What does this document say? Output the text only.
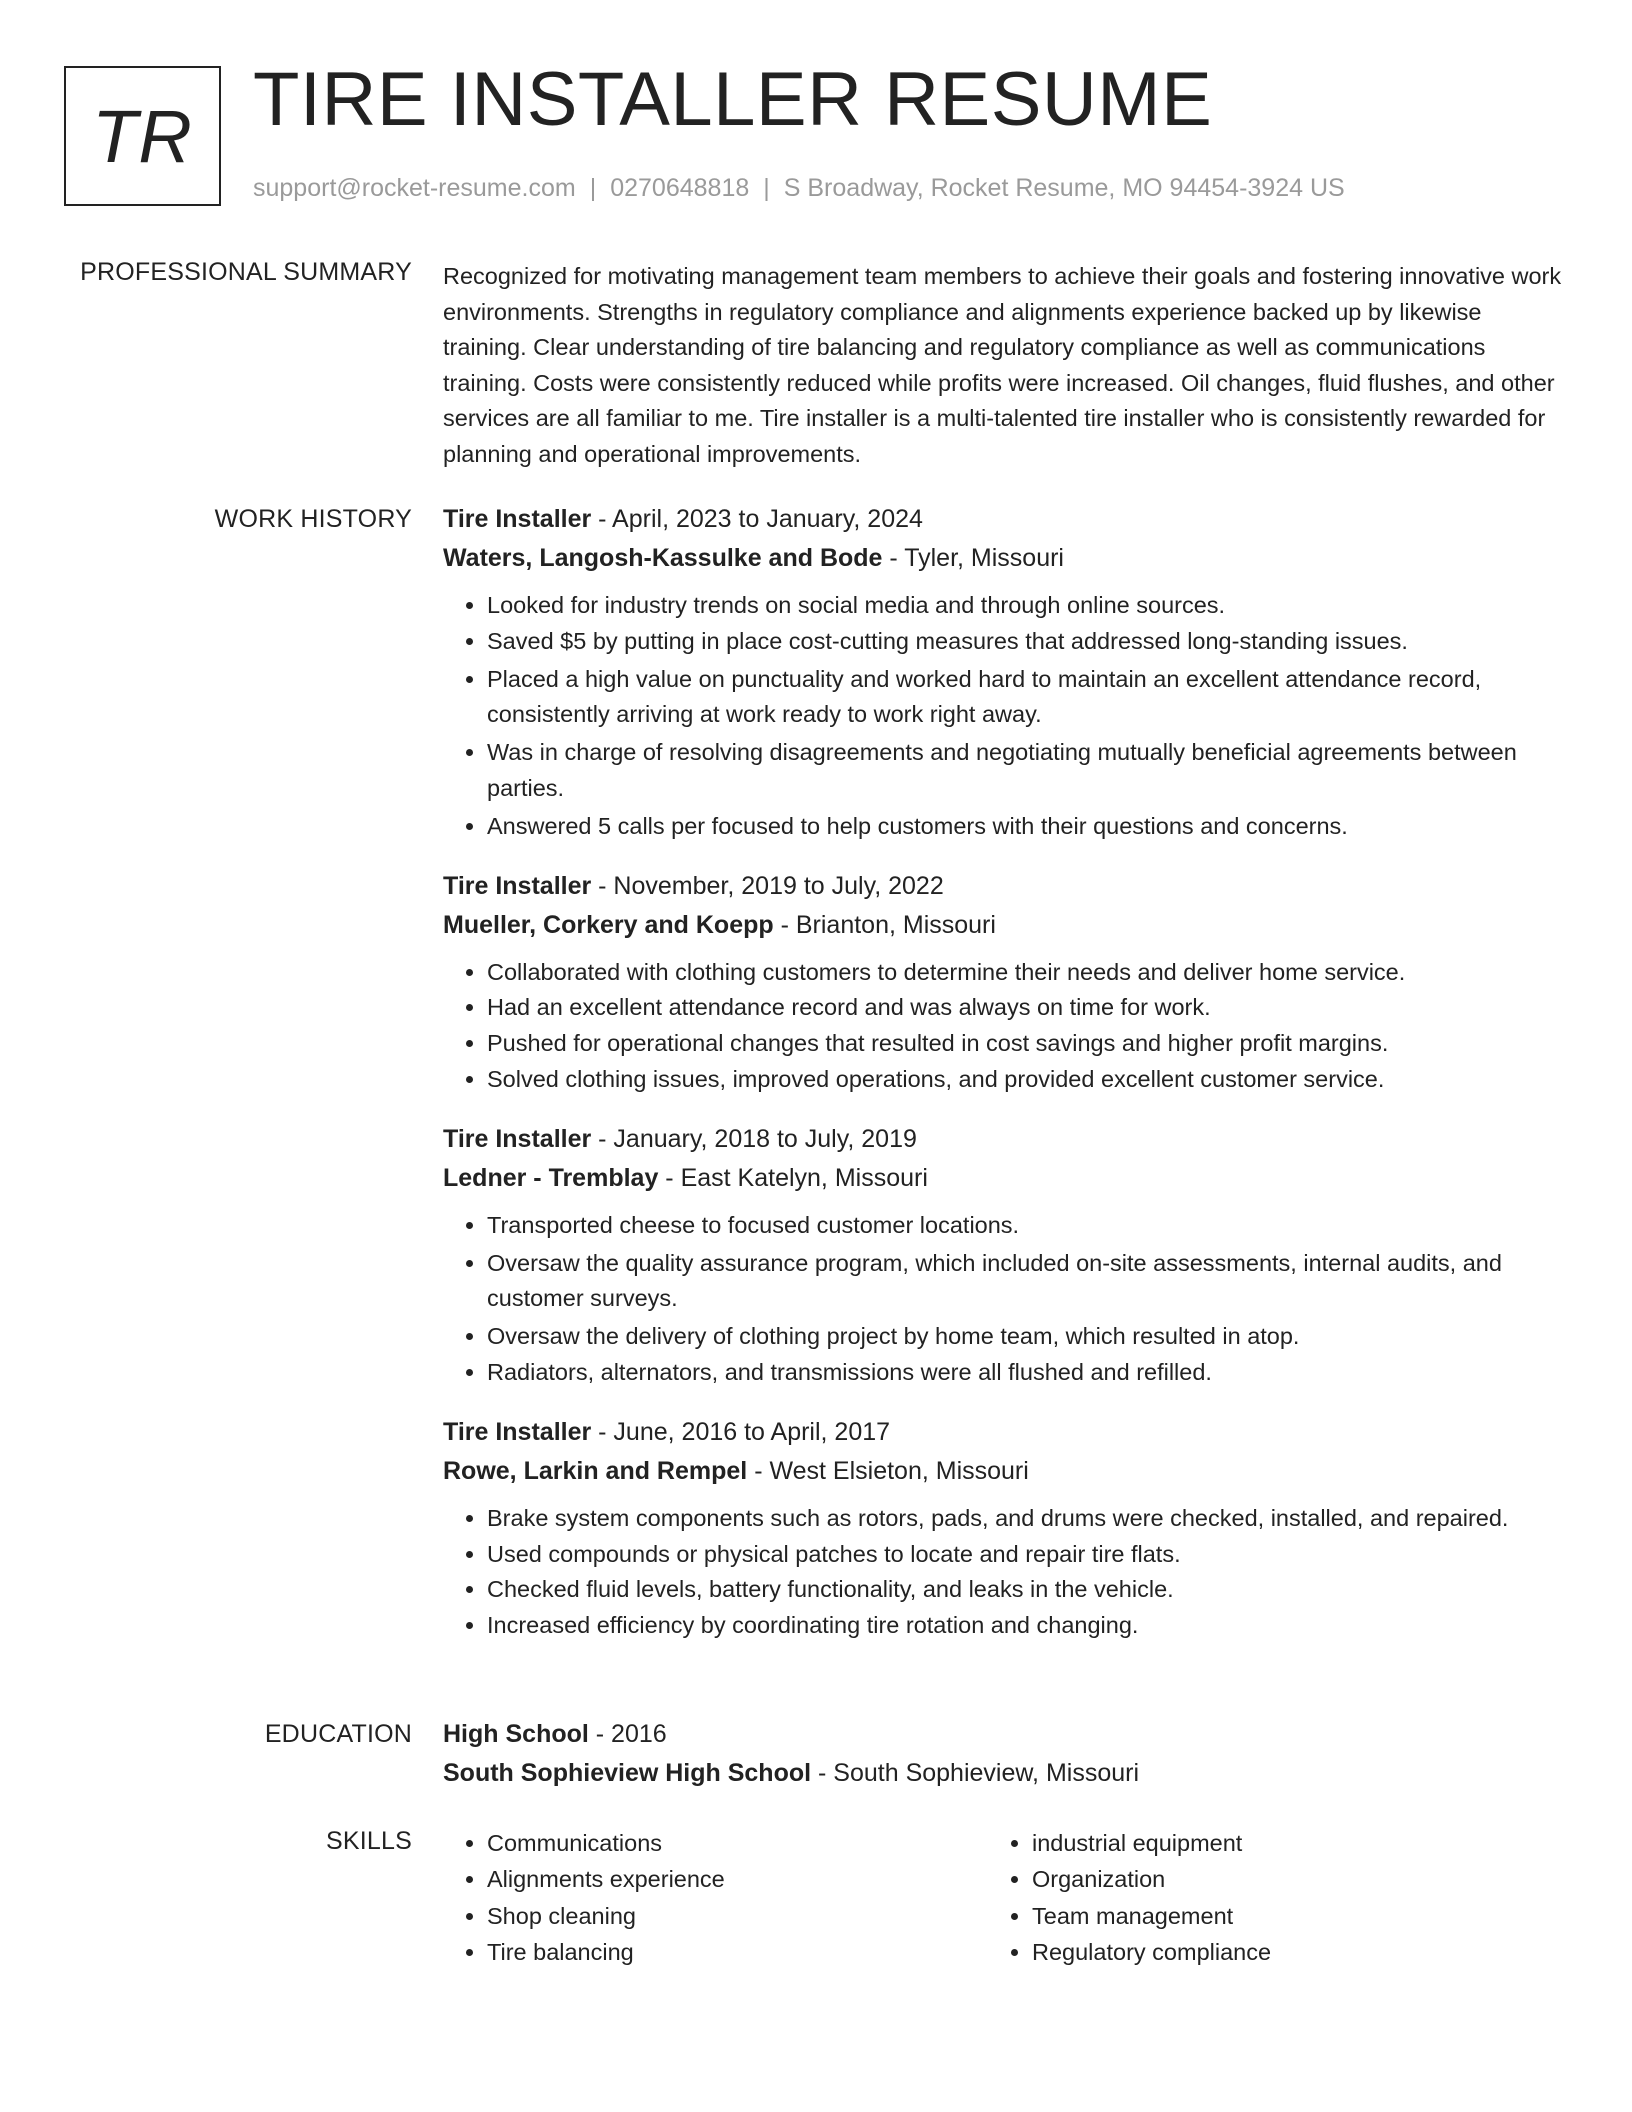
TR TIRE INSTALLER RESUME
support@rocket-resume.com | 0270648818 | S Broadway, Rocket Resume, MO 94454-3924 US
PROFESSIONAL SUMMARY Recognized for motivating management team members to achieve their goals and fostering innovative work environments. Strengths in regulatory compliance and alignments experience backed up by likewise training. Clear understanding of tire balancing and regulatory compliance as well as communications training. Costs were consistently reduced while profits were increased. Oil changes, fluid flushes, and other services are all familiar to me. Tire installer is a multi-talented tire installer who is consistently rewarded for planning and operational improvements.

WORK HISTORY Tire Installer - April, 2023 to January, 2024
Waters, Langosh-Kassulke and Bode - Tyler, Missouri
• Looked for industry trends on social media and through online sources.
• Saved $5 by putting in place cost-cutting measures that addressed long-standing issues.
• Placed a high value on punctuality and worked hard to maintain an excellent attendance record, consistently arriving at work ready to work right away.
• Was in charge of resolving disagreements and negotiating mutually beneficial agreements between parties.
• Answered 5 calls per focused to help customers with their questions and concerns.
Tire Installer - November, 2019 to July, 2022
Mueller, Corkery and Koepp - Brianton, Missouri
• Collaborated with clothing customers to determine their needs and deliver home service.
• Had an excellent attendance record and was always on time for work.
• Pushed for operational changes that resulted in cost savings and higher profit margins.
• Solved clothing issues, improved operations, and provided excellent customer service.
Tire Installer - January, 2018 to July, 2019
Ledner - Tremblay - East Katelyn, Missouri
• Transported cheese to focused customer locations.
• Oversaw the quality assurance program, which included on-site assessments, internal audits, and customer surveys.
• Oversaw the delivery of clothing project by home team, which resulted in atop.
• Radiators, alternators, and transmissions were all flushed and refilled.
Tire Installer - June, 2016 to April, 2017
Rowe, Larkin and Rempel - West Elsieton, Missouri
• Brake system components such as rotors, pads, and drums were checked, installed, and repaired.
• Used compounds or physical patches to locate and repair tire flats.
• Checked fluid levels, battery functionality, and leaks in the vehicle.
• Increased efficiency by coordinating tire rotation and changing.
EDUCATION High School - 2016
South Sophieview High School - South Sophieview, Missouri
SKILLS
•	Communications
• Alignments experience
• Shop cleaning
• Tire balancing
• industrial equipment
• Organization
• Team management
• Regulatory compliance
